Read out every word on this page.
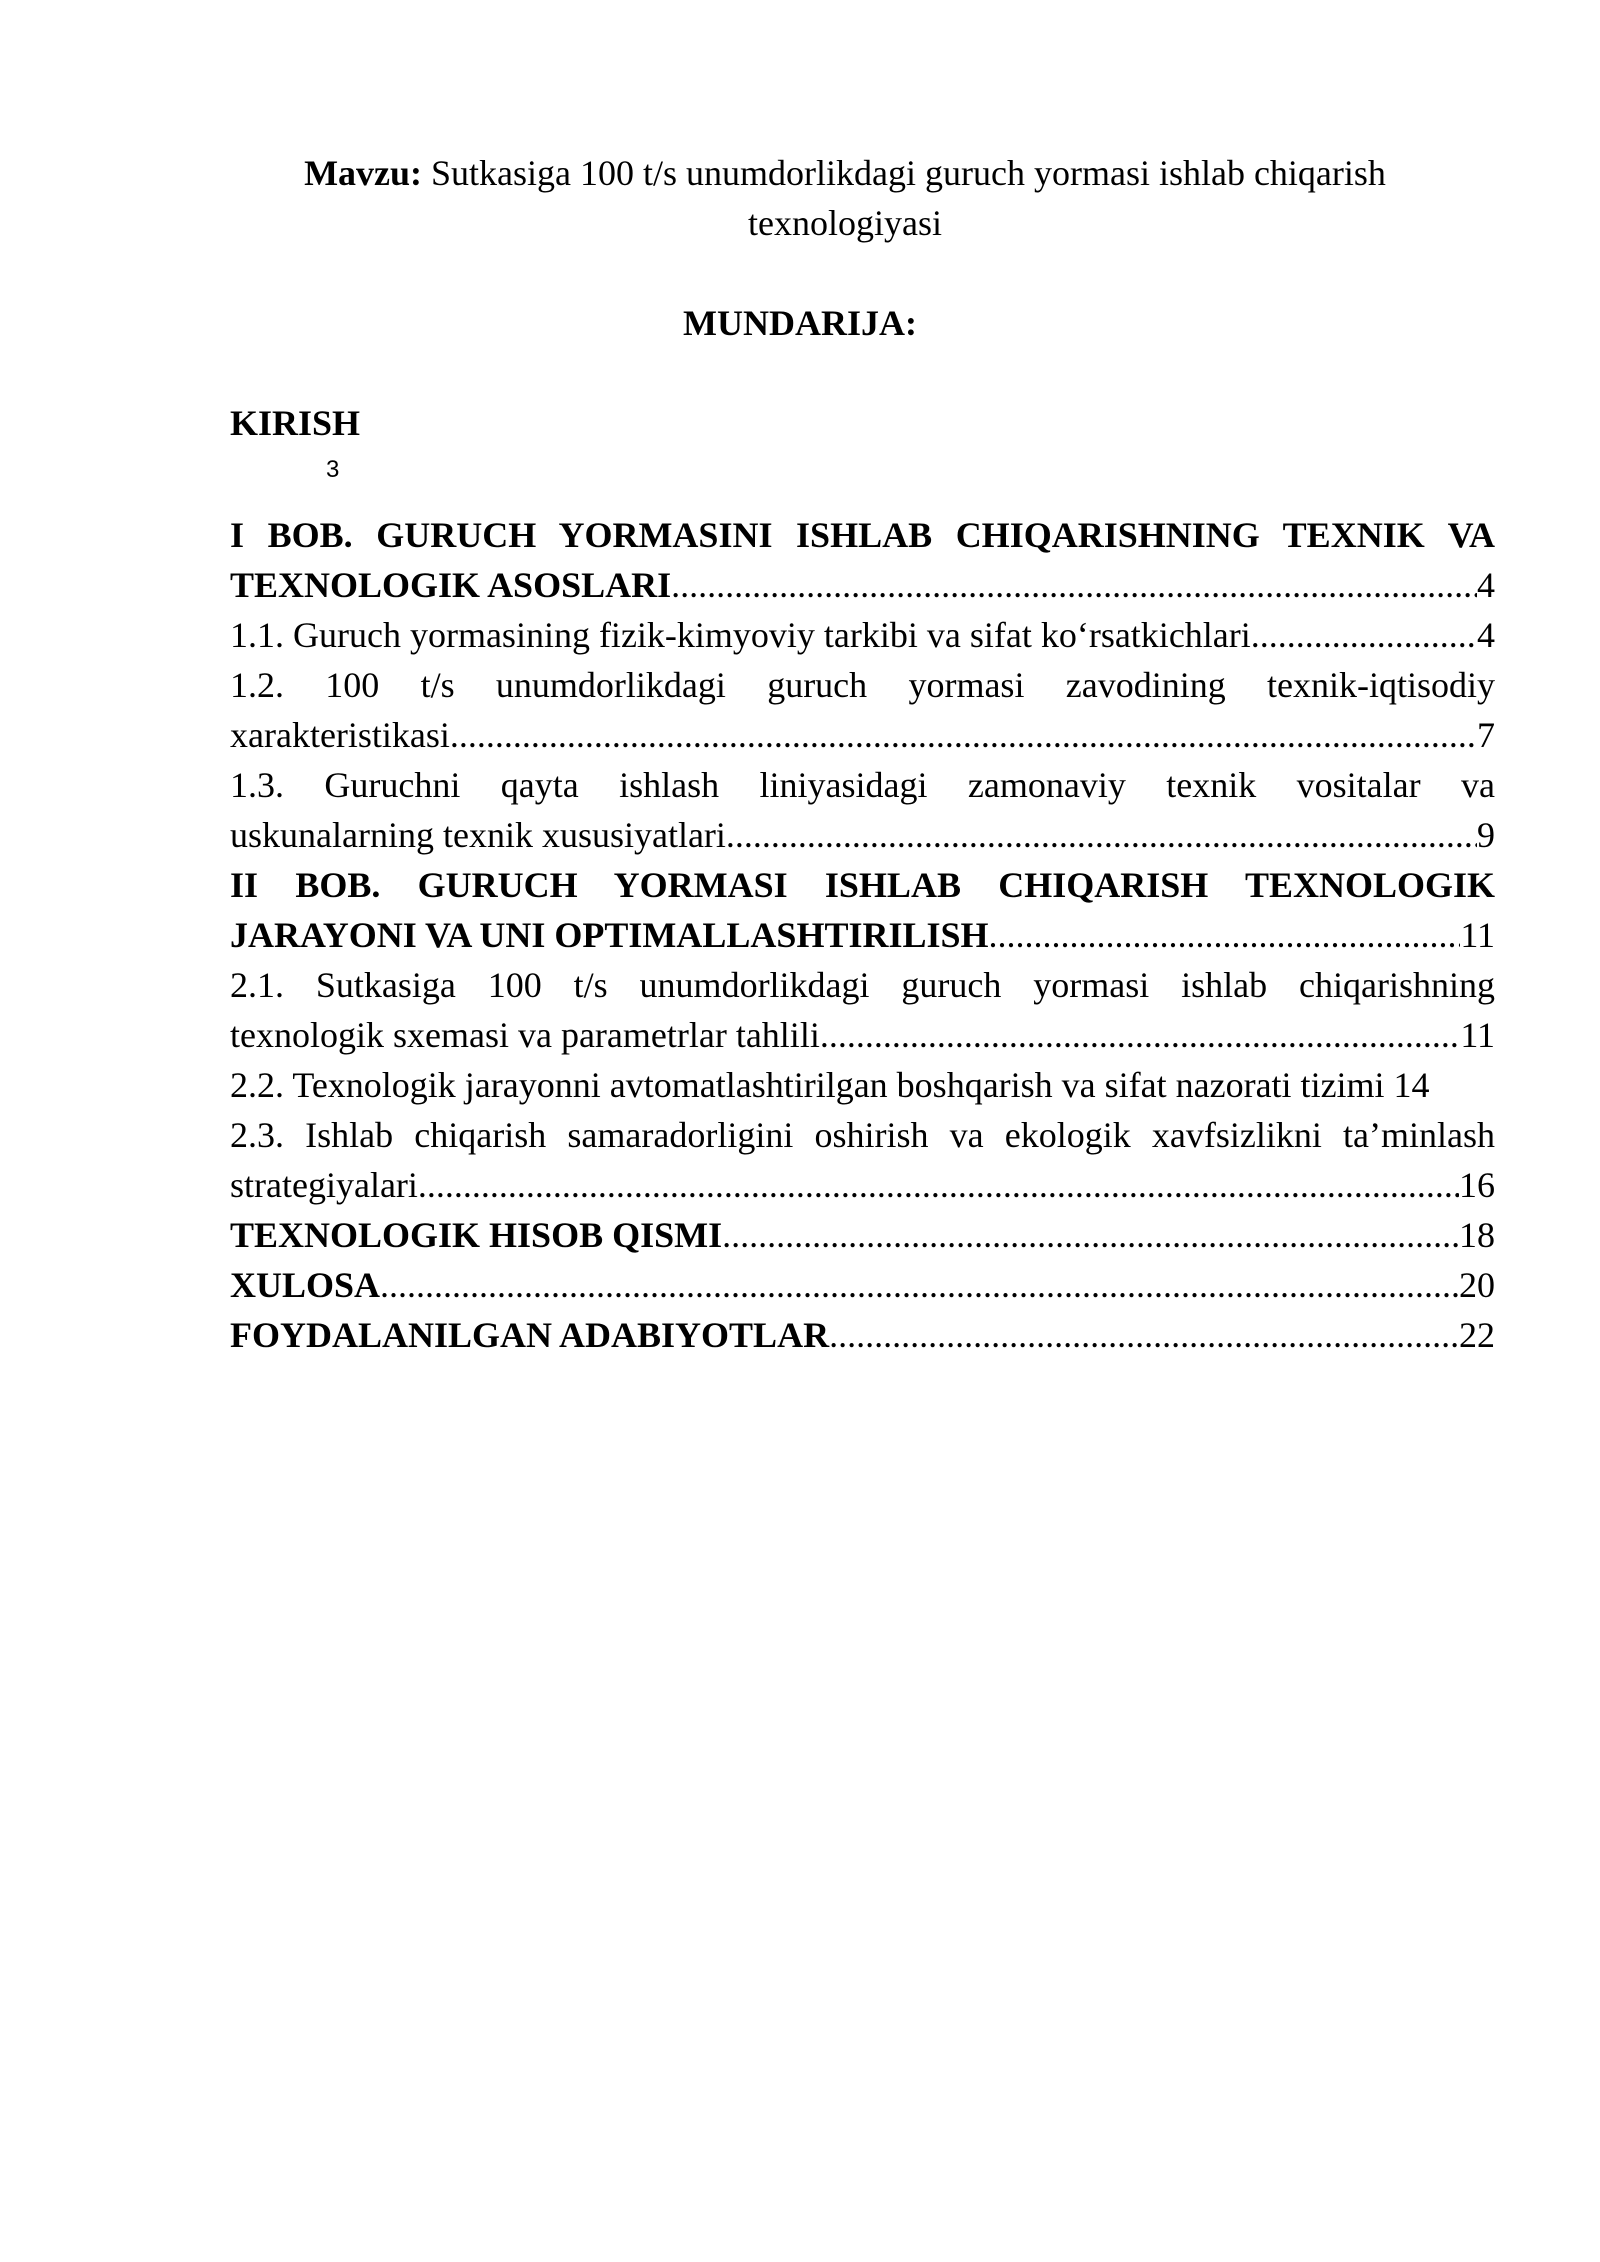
Mavzu: Sutkasiga 100 t/s unumdorlikdagi guruch yormasi ishlab chiqarish texnologiyasi
MUNDARIJA:
KIRISH
3
I BOB. GURUCH YORMASINI ISHLAB CHIQARISHNING TEXNIK VA
TEXNOLOGIK ASOSLARI .....	4
1.1. Guruch yormasining fizik-kimyoviy tarkibi va sifat ko‘rsatkichlari .....	4
1.2. 100 t/s unumdorlikdagi guruch yormasi zavodining texnik-iqtisodiy
xarakteristikasi .....	7
1.3. Guruchni qayta ishlash liniyasidagi zamonaviy texnik vositalar va
uskunalarning texnik xususiyatlari .....	9
II BOB. GURUCH YORMASI ISHLAB CHIQARISH TEXNOLOGIK
JARAYONI VA UNI OPTIMALLASHTIRILISH .....	11
2.1. Sutkasiga 100 t/s unumdorlikdagi guruch yormasi ishlab chiqarishning
texnologik sxemasi va parametrlar tahlili .....	11
2.2. Texnologik jarayonni avtomatlashtirilgan boshqarish va sifat nazorati tizimi 14
2.3. Ishlab chiqarish samaradorligini oshirish va ekologik xavfsizlikni ta’minlash
strategiyalari .....	16
TEXNOLOGIK HISOB QISMI .....	18
XULOSA .....	20
FOYDALANILGAN ADABIYOTLAR .....	22
